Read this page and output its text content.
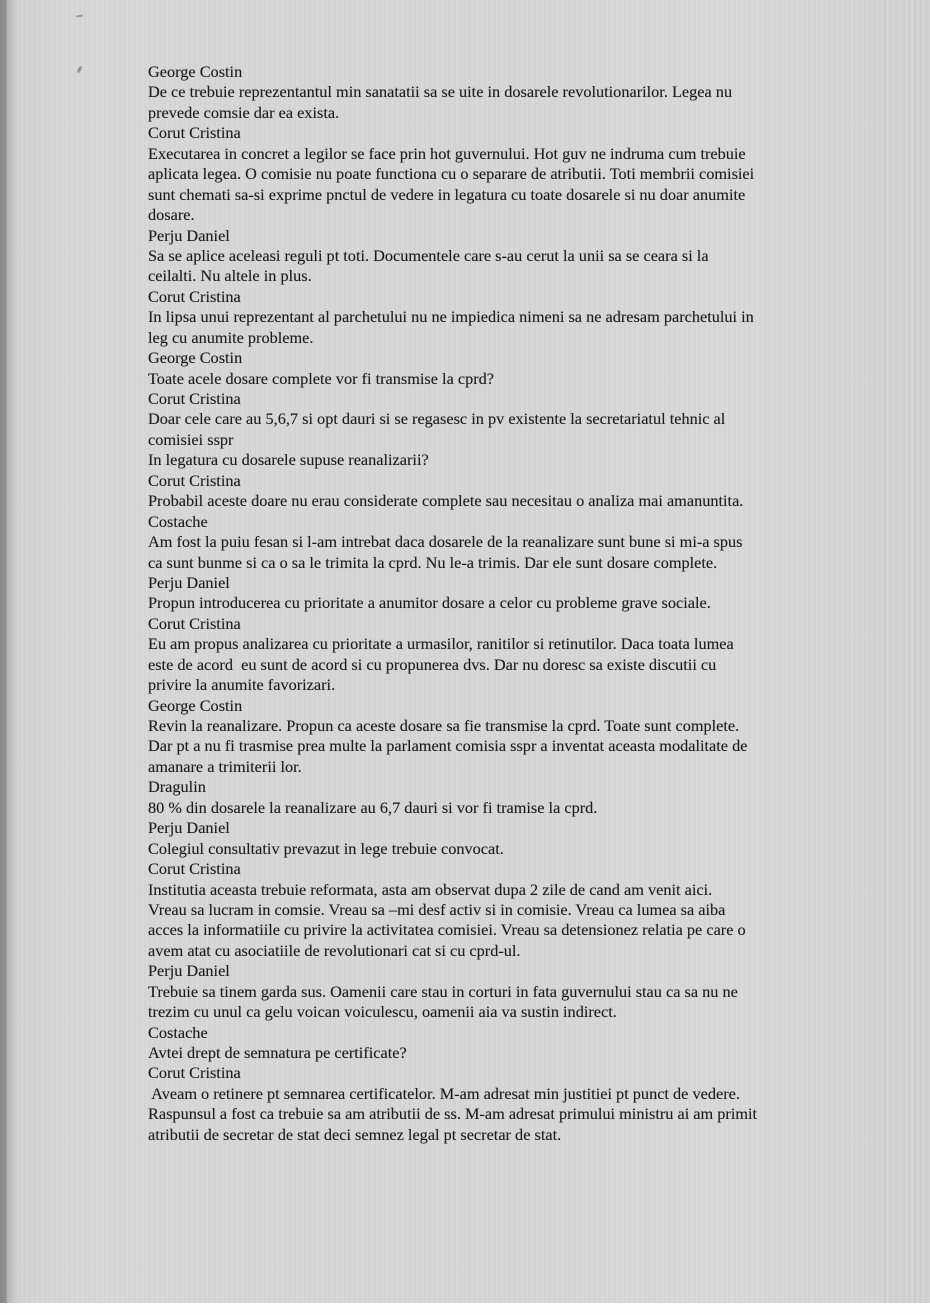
George Costin
De ce trebuie reprezentantul min sanatatii sa se uite in dosarele revolutionarilor. Legea nu
prevede comsie dar ea exista.
Corut Cristina
Executarea in concret a legilor se face prin hot guvernului. Hot guv ne indruma cum trebuie
aplicata legea. O comisie nu poate functiona cu o separare de atributii. Toti membrii comisiei
sunt chemati sa-si exprime pnctul de vedere in legatura cu toate dosarele si nu doar anumite
dosare.
Perju Daniel
Sa se aplice aceleasi reguli pt toti. Documentele care s-au cerut la unii sa se ceara si la
ceilalti. Nu altele in plus.
Corut Cristina
In lipsa unui reprezentant al parchetului nu ne impiedica nimeni sa ne adresam parchetului in
leg cu anumite probleme.
George Costin
Toate acele dosare complete vor fi transmise la cprd?
Corut Cristina
Doar cele care au 5,6,7 si opt dauri si se regasesc in pv existente la secretariatul tehnic al
comisiei sspr
In legatura cu dosarele supuse reanalizarii?
Corut Cristina
Probabil aceste doare nu erau considerate complete sau necesitau o analiza mai amanuntita.
Costache
Am fost la puiu fesan si l-am intrebat daca dosarele de la reanalizare sunt bune si mi-a spus
ca sunt bunme si ca o sa le trimita la cprd. Nu le-a trimis. Dar ele sunt dosare complete.
Perju Daniel
Propun introducerea cu prioritate a anumitor dosare a celor cu probleme grave sociale.
Corut Cristina
Eu am propus analizarea cu prioritate a urmasilor, ranitilor si retinutilor. Daca toata lumea
este de acord  eu sunt de acord si cu propunerea dvs. Dar nu doresc sa existe discutii cu
privire la anumite favorizari.
George Costin
Revin la reanalizare. Propun ca aceste dosare sa fie transmise la cprd. Toate sunt complete.
Dar pt a nu fi trasmise prea multe la parlament comisia sspr a inventat aceasta modalitate de
amanare a trimiterii lor.
Dragulin
80 % din dosarele la reanalizare au 6,7 dauri si vor fi tramise la cprd.
Perju Daniel
Colegiul consultativ prevazut in lege trebuie convocat.
Corut Cristina
Institutia aceasta trebuie reformata, asta am observat dupa 2 zile de cand am venit aici.
Vreau sa lucram in comsie. Vreau sa –mi desf activ si in comisie. Vreau ca lumea sa aiba
acces la informatiile cu privire la activitatea comisiei. Vreau sa detensionez relatia pe care o
avem atat cu asociatiile de revolutionari cat si cu cprd-ul.
Perju Daniel
Trebuie sa tinem garda sus. Oamenii care stau in corturi in fata guvernului stau ca sa nu ne
trezim cu unul ca gelu voican voiculescu, oamenii aia va sustin indirect.
Costache
Avtei drept de semnatura pe certificate?
Corut Cristina
Aveam o retinere pt semnarea certificatelor. M-am adresat min justitiei pt punct de vedere.
Raspunsul a fost ca trebuie sa am atributii de ss. M-am adresat primului ministru ai am primit
atributii de secretar de stat deci semnez legal pt secretar de stat.
